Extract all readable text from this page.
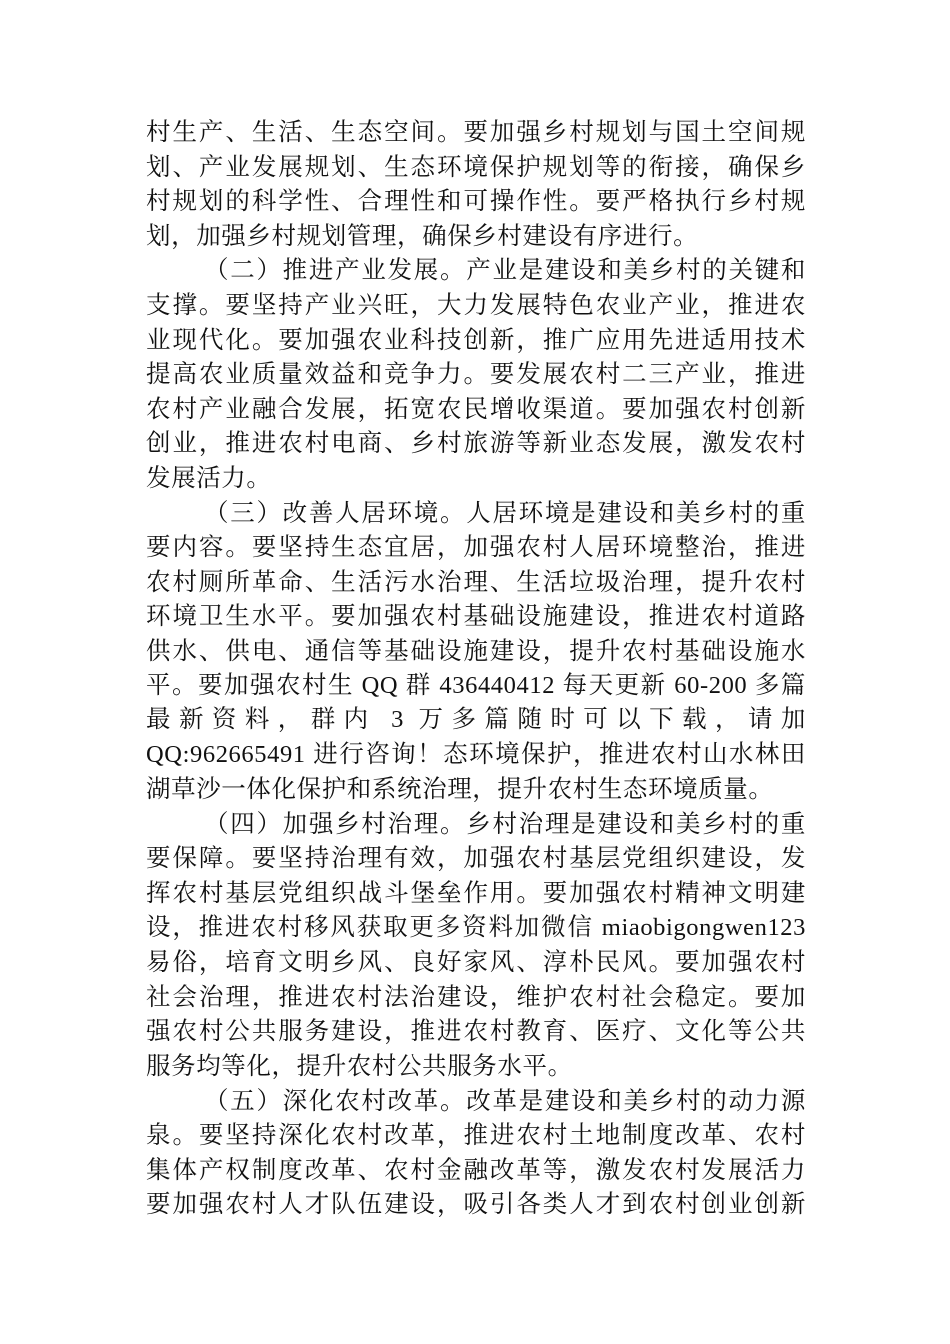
村生产、生活、生态空间。要加强乡村规划与国土空间规
划、产业发展规划、生态环境保护规划等的衔接，确保乡
村规划的科学性、合理性和可操作性。要严格执行乡村规
划，加强乡村规划管理，确保乡村建设有序进行。
（二）推进产业发展。产业是建设和美乡村的关键和
支撑。要坚持产业兴旺，大力发展特色农业产业，推进农
业现代化。要加强农业科技创新，推广应用先进适用技术
提高农业质量效益和竞争力。要发展农村二三产业，推进
农村产业融合发展，拓宽农民增收渠道。要加强农村创新
创业，推进农村电商、乡村旅游等新业态发展，激发农村
发展活力。
（三）改善人居环境。人居环境是建设和美乡村的重
要内容。要坚持生态宜居，加强农村人居环境整治，推进
农村厕所革命、生活污水治理、生活垃圾治理，提升农村
环境卫生水平。要加强农村基础设施建设，推进农村道路
供水、供电、通信等基础设施建设，提升农村基础设施水
平。要加强农村生 QQ 群 436440412 每天更新 60-200 多篇
最新资料，群内 3 万多篇随时可以下载，请加
QQ:962665491 进行咨询！态环境保护，推进农村山水林田
湖草沙一体化保护和系统治理，提升农村生态环境质量。
（四）加强乡村治理。乡村治理是建设和美乡村的重
要保障。要坚持治理有效，加强农村基层党组织建设，发
挥农村基层党组织战斗堡垒作用。要加强农村精神文明建
设，推进农村移风获取更多资料加微信 miaobigongwen123
易俗，培育文明乡风、良好家风、淳朴民风。要加强农村
社会治理，推进农村法治建设，维护农村社会稳定。要加
强农村公共服务建设，推进农村教育、医疗、文化等公共
服务均等化，提升农村公共服务水平。
（五）深化农村改革。改革是建设和美乡村的动力源
泉。要坚持深化农村改革，推进农村土地制度改革、农村
集体产权制度改革、农村金融改革等，激发农村发展活力
要加强农村人才队伍建设，吸引各类人才到农村创业创新
